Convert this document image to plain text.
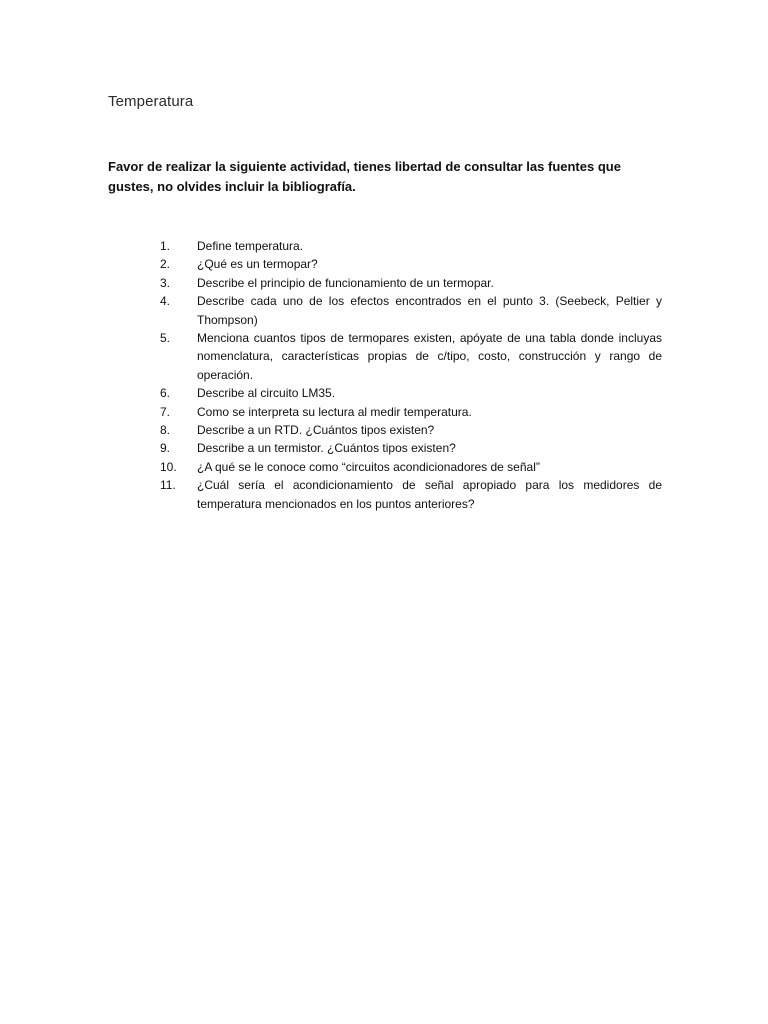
Temperatura

Favor de realizar la siguiente actividad, tienes libertad de consultar las fuentes que gustes, no olvides incluir la bibliografía.

1.	Define temperatura.
2.	¿Qué es un termopar?
3.	Describe el principio de funcionamiento de un termopar.
4.	Describe cada uno de los efectos encontrados en el punto 3. (Seebeck, Peltier y Thompson)
5.	Menciona cuantos tipos de termopares existen, apóyate de una tabla donde incluyas nomenclatura, características propias de c/tipo, costo, construcción y rango de operación.
6.	Describe al circuito LM35.
7.	Como se interpreta su lectura al medir temperatura.
8.	Describe a un RTD. ¿Cuántos tipos existen?
9.	Describe a un termistor. ¿Cuántos tipos existen?
10.	¿A qué se le conoce como “circuitos acondicionadores de señal”
11.	¿Cuál sería el acondicionamiento de señal apropiado para los medidores de temperatura mencionados en los puntos anteriores?
